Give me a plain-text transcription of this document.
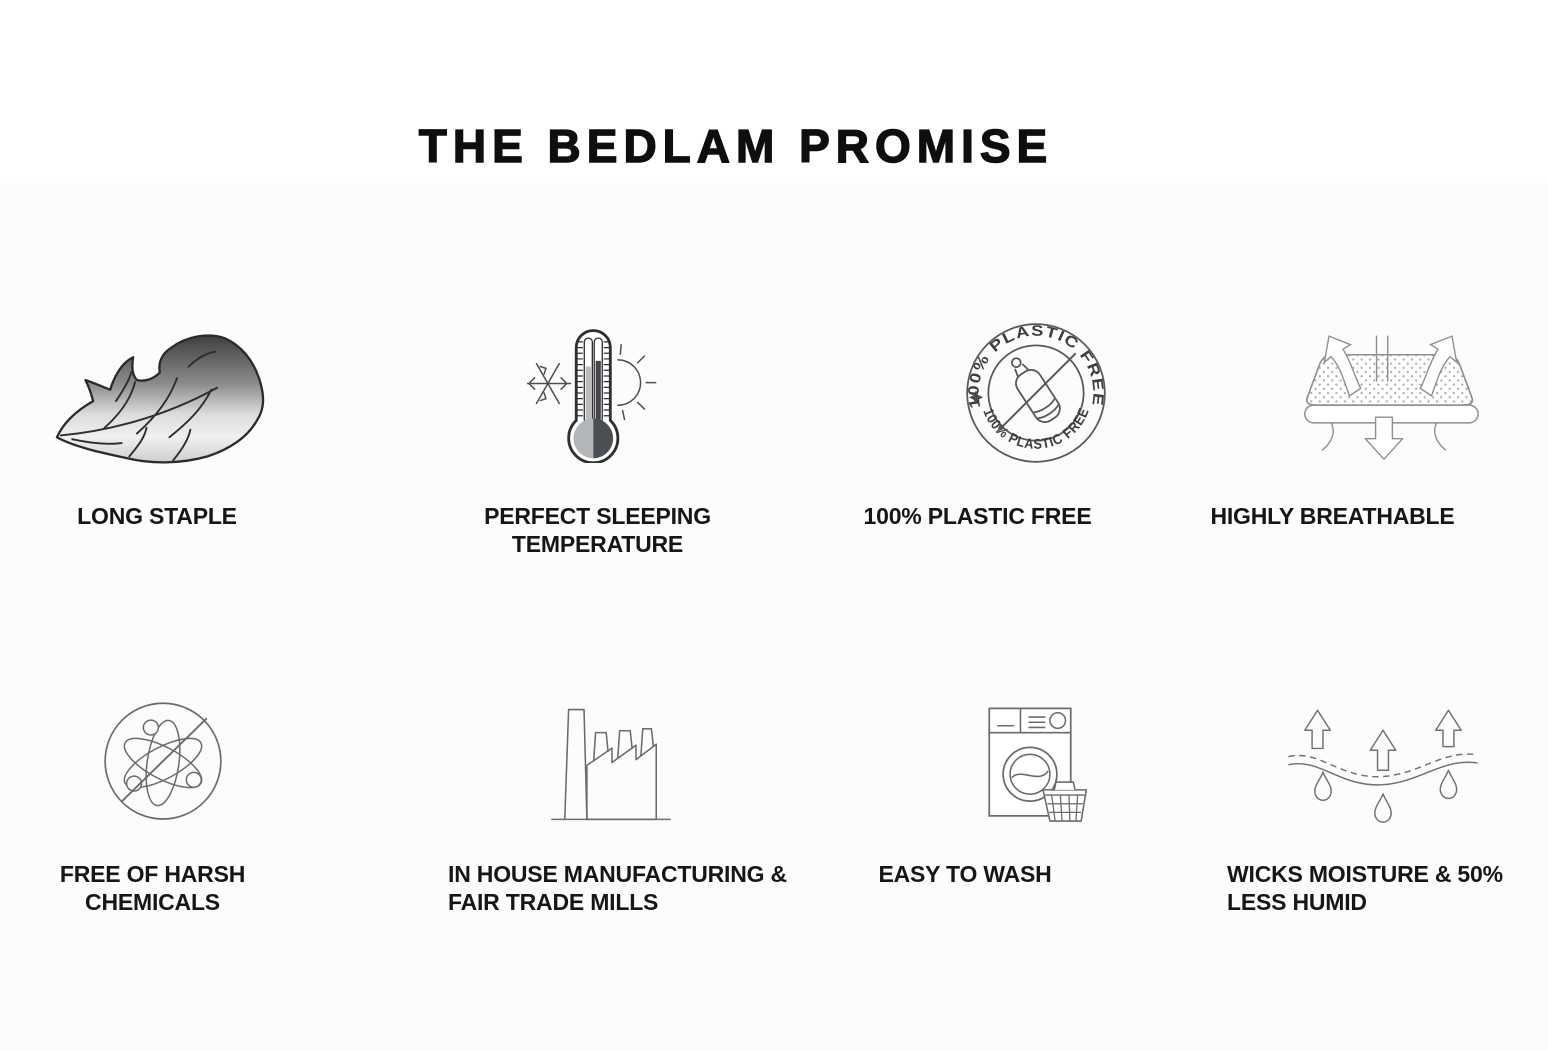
THE BEDLAM PROMISE
LONG STAPLE	PERFECT SLEEPING TEMPERATURE
100% PLASTIC FREE
100% PLASTIC FREE
100% PLASTIC FREE	HIGHLY BREATHABLE
FREE OF HARSH CHEMICALS
IN HOUSE MANUFACTURING & FAIR TRADE MILLS
EASY TO WASH	WICKS MOISTURE & 50% LESS HUMID
